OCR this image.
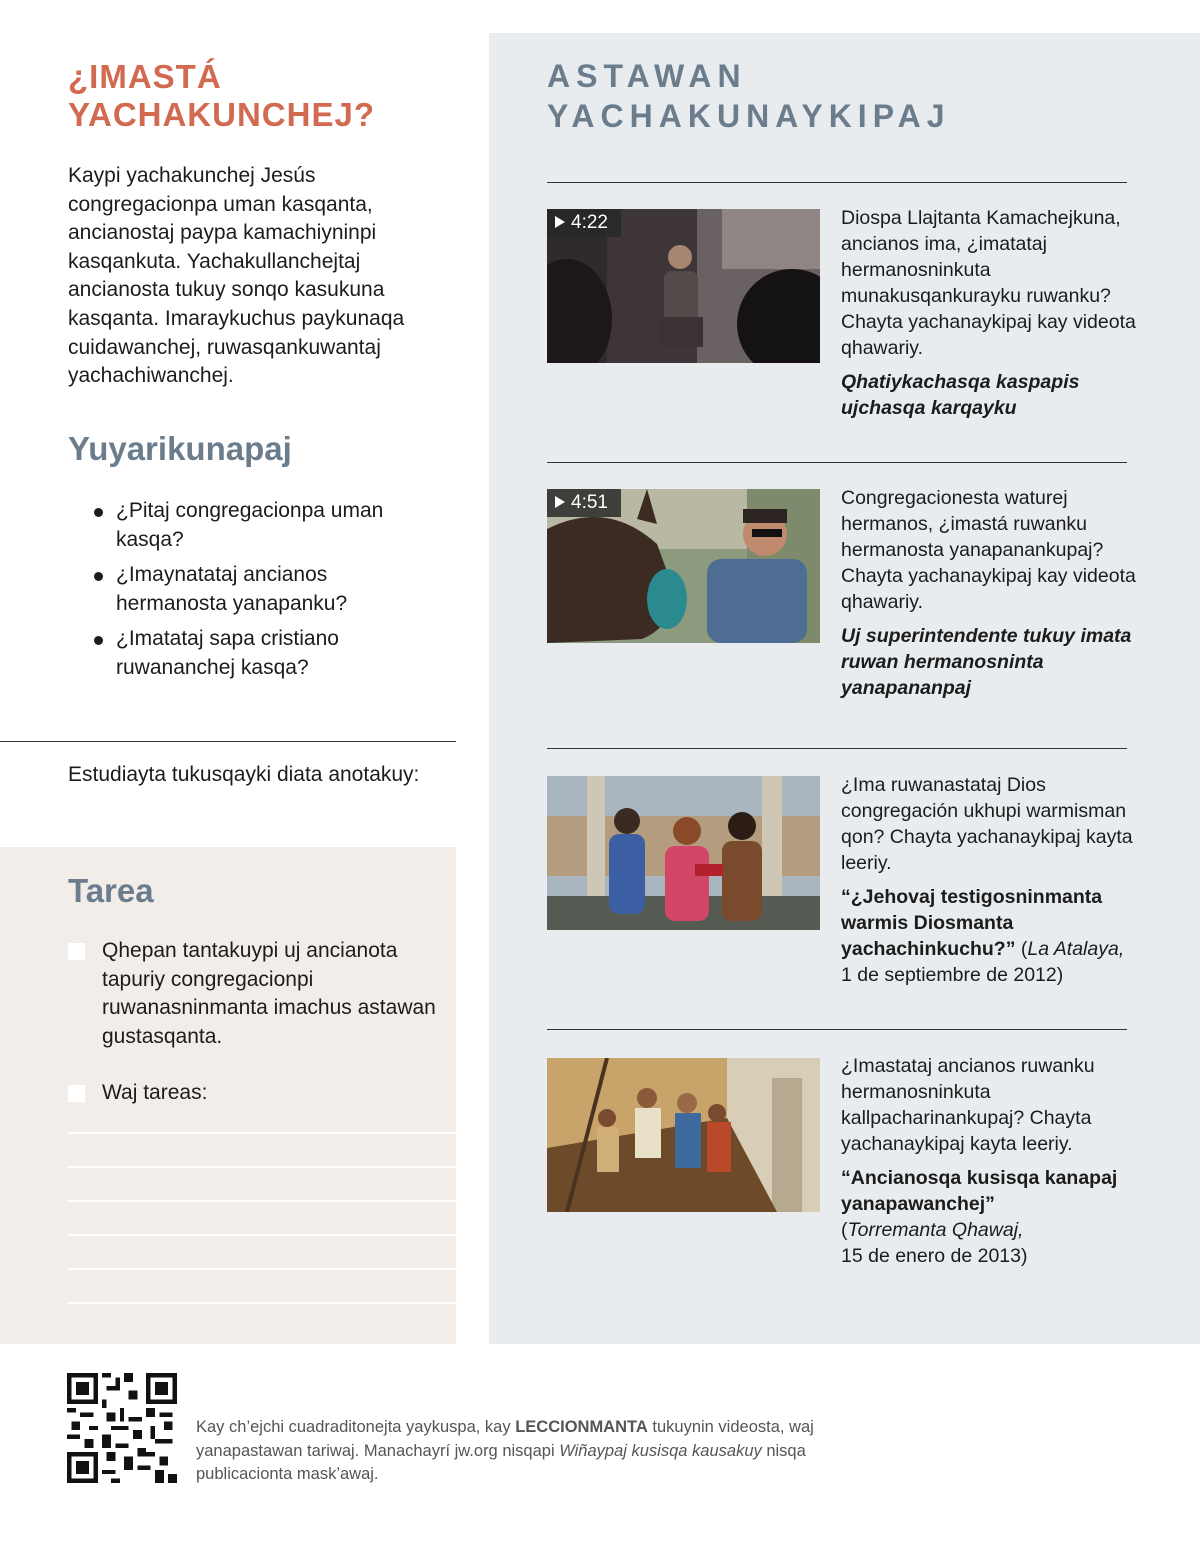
¿IMASTÁ
YACHAKUNCHEJ?

Kaypi yachakunchej Jesús congregacionpa uman kasqanta, ancianostaj paypa kamachiyninpi kasqankuta. Yachakullanchejtaj ancianosta tukuy sonqo kasukuna kasqanta. Imaraykuchus paykunaqa cuidawanchej, ruwasqankuwantaj yachachiwanchej.

Yuyarikunapaj
¿Pitaj congregacionpa uman kasqa?
¿Imaynatataj ancianos hermanosta yanapanku?
¿Imatataj sapa cristiano ruwananchej kasqa?
Estudiayta tukusqayki diata anotakuy:
Tarea
Qhepan tantakuypi uj ancianota tapuriy congregacionpi ruwanasninmanta imachus astawan gustasqanta.
Waj tareas:
ASTAWAN
YACHAKUNAYKIPAJ
4:22	Diospa Llajtanta Kamachejkuna, ancianos ima, ¿imatataj hermanosninkuta munakusqankurayku ruwanku? Chayta yachanaykipaj kay videota qhawariy.

Qhatiykachasqa kaspapis ujchasqa karqayku

4:51	Congregacionesta waturej hermanos, ¿imastá ruwanku hermanosta yanapanankupaj? Chayta yachanaykipaj kay videota qhawariy.

Uj superintendente tukuy imata ruwan hermanosninta yanapananpaj

¿Ima ruwanastataj Dios congregación ukhupi warmisman qon? Chayta yachanaykipaj kayta leeriy.

“¿Jehovaj testigosninmanta warmis Diosmanta yachachinkuchu?” (La Atalaya,
1 de septiembre de 2012)

¿Imastataj ancianos ruwanku hermanosninkuta kallpacharinankupaj? Chayta yachanaykipaj kayta leeriy.

“Ancianosqa kusisqa kanapaj yanapawanchej”
(Torremanta Qhawaj,
15 de enero de 2013)

Kay ch’ejchi cuadraditonejta yaykuspa, kay LECCIONMANTA tukuynin videosta, waj yanapastawan tariwaj. Manachayrí jw.org nisqapi Wiñaypaj kusisqa kausakuy nisqa publicacionta mask’awaj.
